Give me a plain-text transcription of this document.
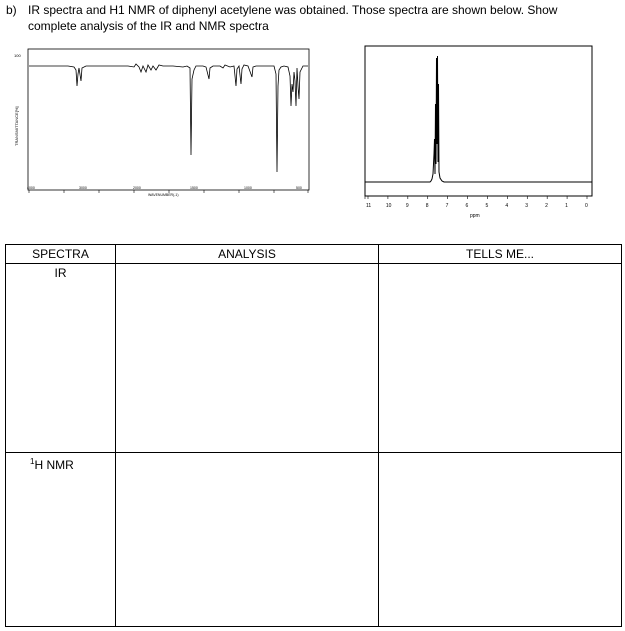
b) IR spectra and H1 NMR of diphenyl acetylene was obtained. Those spectra are shown below. Show
complete analysis of the IR and NMR spectra
100
TRANSMITTANCE[%]
4000	3000	2000	1500	1000	500
WAVENUMBER(-1)
11	10	9	8	7	6	5	4	3	2	1	0
ppm
SPECTRA	ANALYSIS	TELLS ME...

IR		

$^1$H NMR		
